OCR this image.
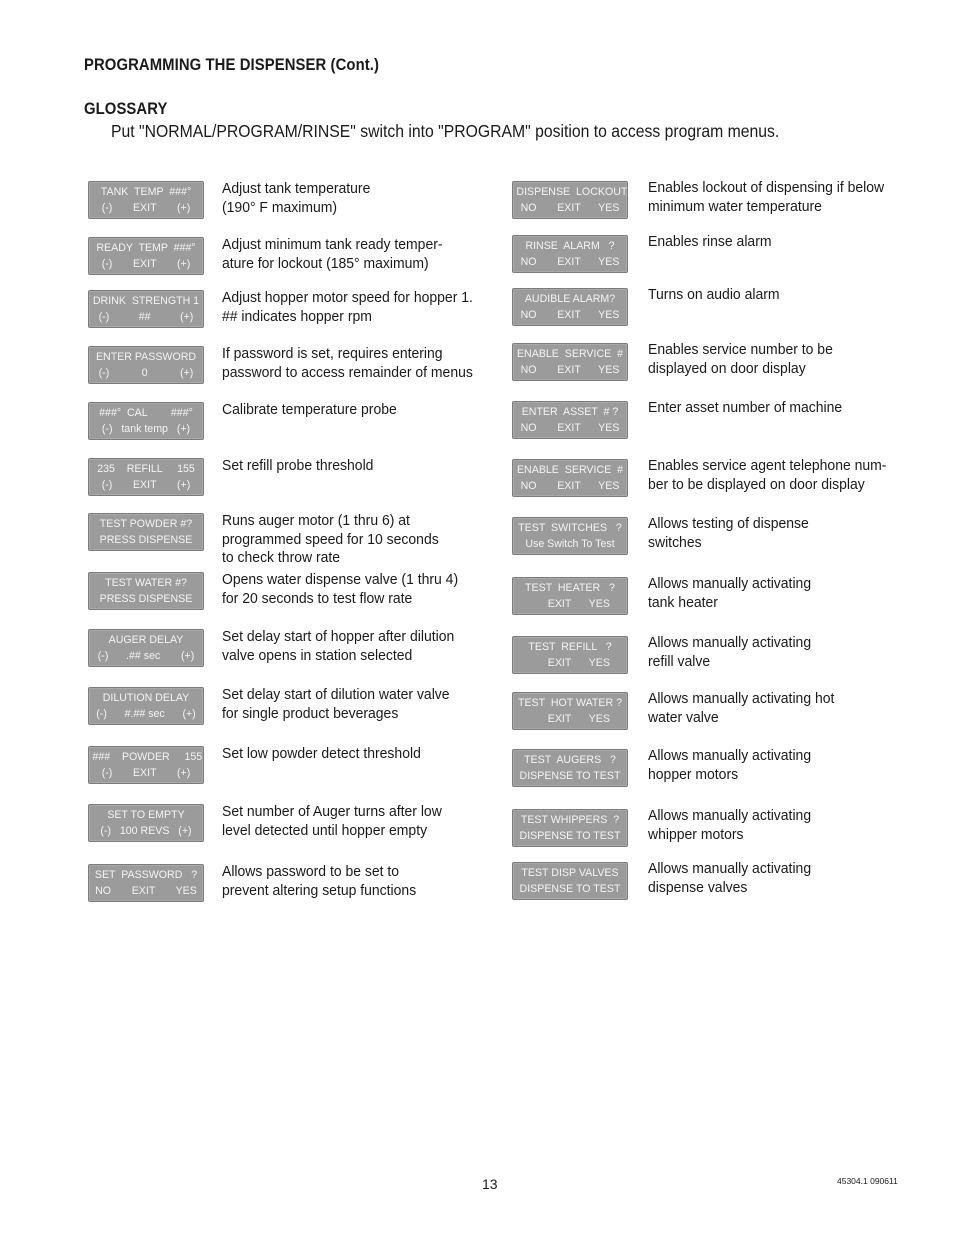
PROGRAMMING THE DISPENSER (Cont.)
GLOSSARY
Put "NORMAL/PROGRAM/RINSE" switch into "PROGRAM" position to access program menus.
TANK  TEMP  ###°
(-)       EXIT       (+)
Adjust tank temperature
(190° F maximum)
READY  TEMP  ###°
(-)       EXIT       (+)
Adjust minimum tank ready temper-
ature for lockout (185° maximum)
DRINK  STRENGTH 1
(-)          ##          (+)
Adjust hopper motor speed for hopper 1.
## indicates hopper rpm
ENTER PASSWORD
(-)           0           (+)
If password is set, requires entering
password to access remainder of menus
###°  CAL        ###°
(-)   tank temp   (+)
Calibrate temperature probe
235    REFILL     155
(-)       EXIT       (+)
Set refill probe threshold
TEST POWDER #?
PRESS DISPENSE
Runs auger motor (1 thru 6) at
programmed speed for 10 seconds
to check throw rate
TEST WATER #?
PRESS DISPENSE
Opens water dispense valve (1 thru 4)
for 20 seconds to test flow rate
AUGER DELAY
(-)      .## sec       (+)
Set delay start of hopper after dilution
valve opens in station selected
DILUTION DELAY
(-)      #.## sec      (+)
Set delay start of dilution water valve
for single product beverages
###    POWDER     155
(-)       EXIT       (+)
Set low powder detect threshold
SET TO EMPTY
(-)   100 REVS   (+)
Set number of Auger turns after low
level detected until hopper empty
SET  PASSWORD   ?
NO       EXIT       YES
Allows password to be set to
prevent altering setup functions
DISPENSE  LOCKOUT
NO       EXIT      YES
Enables lockout of dispensing if below
minimum water temperature
RINSE  ALARM   ?
NO       EXIT      YES
Enables rinse alarm
AUDIBLE ALARM?
NO       EXIT      YES
Turns on audio alarm
ENABLE  SERVICE  #
NO       EXIT      YES
Enables service number to be
displayed on door display
ENTER  ASSET  # ?
NO       EXIT      YES
Enter asset number of machine
ENABLE  SERVICE  #
NO       EXIT      YES
Enables service agent telephone num-
ber to be displayed on door display
TEST  SWITCHES   ?
Use Switch To Test
Allows testing of dispense
switches
TEST  HEATER   ?
EXIT      YES
Allows manually activating
tank heater
TEST  REFILL   ?
EXIT      YES
Allows manually activating
refill valve
TEST  HOT WATER ?
EXIT      YES
Allows manually activating hot
water valve
TEST  AUGERS   ?
DISPENSE TO TEST
Allows manually activating
hopper motors
TEST WHIPPERS  ?
DISPENSE TO TEST
Allows manually activating
whipper motors
TEST DISP VALVES
DISPENSE TO TEST
Allows manually activating
dispense valves
13	45304.1 090611
